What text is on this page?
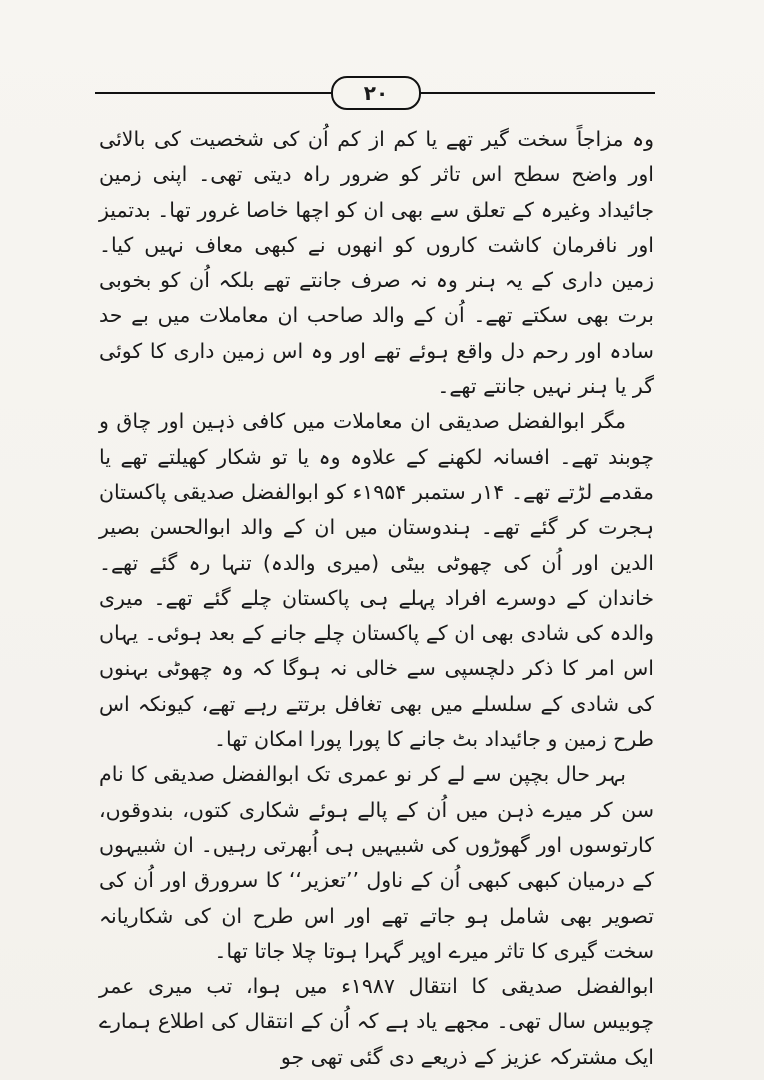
۲۰

وہ مزاجاً سخت گیر تھے یا کم از کم اُن کی شخصیت کی بالائی اور واضح سطح اس تاثر کو ضرور راہ دیتی تھی۔ اپنی زمین جائیداد وغیرہ کے تعلق سے بھی ان کو اچھا خاصا غرور تھا۔ بدتمیز اور نافرمان کاشت کاروں کو انھوں نے کبھی معاف نہیں کیا۔ زمین داری کے یہ ہنر وہ نہ صرف جانتے تھے بلکہ اُن کو بخوبی برت بھی سکتے تھے۔ اُن کے والد صاحب ان معاملات میں بے حد سادہ اور رحم دل واقع ہوئے تھے اور وہ اس زمین داری کا کوئی گر یا ہنر نہیں جانتے تھے۔

مگر ابوالفضل صدیقی ان معاملات میں کافی ذہین اور چاق و چوبند تھے۔ افسانہ لکھنے کے علاوہ وہ یا تو شکار کھیلتے تھے یا مقدمے لڑتے تھے۔ ۱۴ر ستمبر ۱۹۵۴ء کو ابوالفضل صدیقی پاکستان ہجرت کر گئے تھے۔ ہندوستان میں ان کے والد ابوالحسن بصیر الدین اور اُن کی چھوٹی بیٹی (میری والدہ) تنہا رہ گئے تھے۔ خاندان کے دوسرے افراد پہلے ہی پاکستان چلے گئے تھے۔ میری والدہ کی شادی بھی ان کے پاکستان چلے جانے کے بعد ہوئی۔ یہاں اس امر کا ذکر دلچسپی سے خالی نہ ہوگا کہ وہ چھوٹی بہنوں کی شادی کے سلسلے میں بھی تغافل برتتے رہے تھے، کیونکہ اس طرح زمین و جائیداد بٹ جانے کا پورا پورا امکان تھا۔

بہر حال بچپن سے لے کر نو عمری تک ابوالفضل صدیقی کا نام سن کر میرے ذہن میں اُن کے پالے ہوئے شکاری کتوں، بندوقوں، کارتوسوں اور گھوڑوں کی شبیہیں ہی اُبھرتی رہیں۔ ان شبیہوں کے درمیان کبھی کبھی اُن کے ناول ’’تعزیر‘‘ کا سرورق اور اُن کی تصویر بھی شامل ہو جاتے تھے اور اس طرح ان کی شکاریانہ سخت گیری کا تاثر میرے اوپر گہرا ہوتا چلا جاتا تھا۔

ابوالفضل صدیقی کا انتقال ۱۹۸۷ء میں ہوا، تب میری عمر چوبیس سال تھی۔ مجھے یاد ہے کہ اُن کے انتقال کی اطلاع ہمارے ایک مشترکہ عزیز کے ذریعے دی گئی تھی جو
